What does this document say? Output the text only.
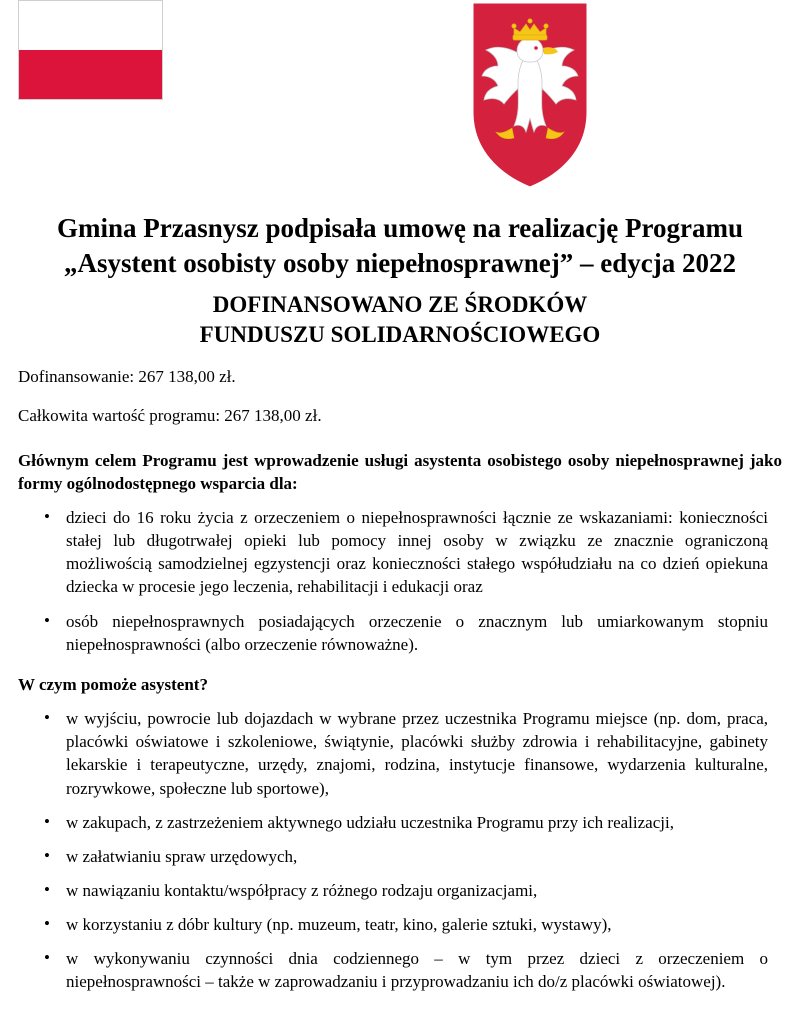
Gmina Przasnysz podpisała umowę na realizację Programu „Asystent osobisty osoby niepełnosprawnej” – edycja 2022
DOFINANSOWANO ZE ŚRODKÓW
FUNDUSZU SOLIDARNOŚCIOWEGO

Dofinansowanie: 267 138,00 zł.

Całkowita wartość programu: 267 138,00 zł.

Głównym celem Programu jest wprowadzenie usługi asystenta osobistego osoby niepełnosprawnej jako formy ogólnodostępnego wsparcia dla:

• dzieci do 16 roku życia z orzeczeniem o niepełnosprawności łącznie ze wskazaniami: konieczności stałej lub długotrwałej opieki lub pomocy innej osoby w związku ze znacznie ograniczoną możliwością samodzielnej egzystencji oraz konieczności stałego współudziału na co dzień opiekuna dziecka w procesie jego leczenia, rehabilitacji i edukacji oraz
• osób niepełnosprawnych posiadających orzeczenie o znacznym lub umiarkowanym stopniu niepełnosprawności (albo orzeczenie równoważne).

W czym pomoże asystent?

• w wyjściu, powrocie lub dojazdach w wybrane przez uczestnika Programu miejsce (np. dom, praca, placówki oświatowe i szkoleniowe, świątynie, placówki służby zdrowia i rehabilitacyjne, gabinety lekarskie i terapeutyczne, urzędy, znajomi, rodzina, instytucje finansowe, wydarzenia kulturalne, rozrywkowe, społeczne lub sportowe),
• w zakupach, z zastrzeżeniem aktywnego udziału uczestnika Programu przy ich realizacji,
• w załatwianiu spraw urzędowych,
• w nawiązaniu kontaktu/współpracy z różnego rodzaju organizacjami,
• w korzystaniu z dóbr kultury (np. muzeum, teatr, kino, galerie sztuki, wystawy),
• w wykonywaniu czynności dnia codziennego – w tym przez dzieci z orzeczeniem o niepełnosprawności – także w zaprowadzaniu i przyprowadzaniu ich do/z placówki oświatowej).
